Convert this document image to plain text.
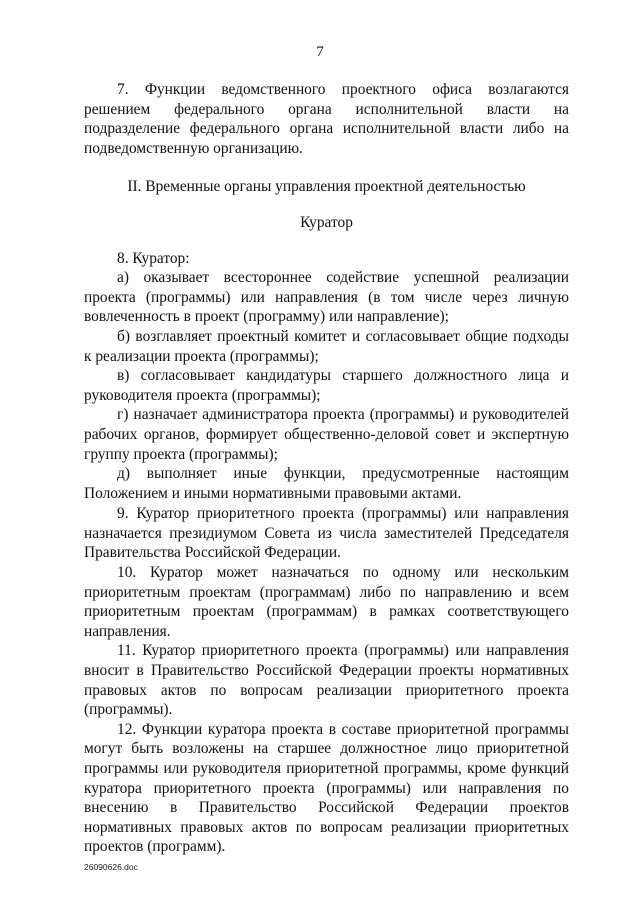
7

7. Функции ведомственного проектного офиса возлагаются решением федерального органа исполнительной власти на подразделение федерального органа исполнительной власти либо на подведомственную организацию.

II. Временные органы управления проектной деятельностью

Куратор

8. Куратор:

а) оказывает всестороннее содействие успешной реализации проекта (программы) или направления (в том числе через личную вовлеченность в проект (программу) или направление);

б) возглавляет проектный комитет и согласовывает общие подходы к реализации проекта (программы);

в) согласовывает кандидатуры старшего должностного лица и руководителя проекта (программы);

г) назначает администратора проекта (программы) и руководителей рабочих органов, формирует общественно-деловой совет и экспертную группу проекта (программы);

д) выполняет иные функции, предусмотренные настоящим Положением и иными нормативными правовыми актами.

9. Куратор приоритетного проекта (программы) или направления назначается президиумом Совета из числа заместителей Председателя Правительства Российской Федерации.

10. Куратор может назначаться по одному или нескольким приоритетным проектам (программам) либо по направлению и всем приоритетным проектам (программам) в рамках соответствующего направления.

11. Куратор приоритетного проекта (программы) или направления вносит в Правительство Российской Федерации проекты нормативных правовых актов по вопросам реализации приоритетного проекта (программы).

12. Функции куратора проекта в составе приоритетной программы могут быть возложены на старшее должностное лицо приоритетной программы или руководителя приоритетной программы, кроме функций куратора приоритетного проекта (программы) или направления по внесению в Правительство Российской Федерации проектов нормативных правовых актов по вопросам реализации приоритетных проектов (программ).

26090626.doc
